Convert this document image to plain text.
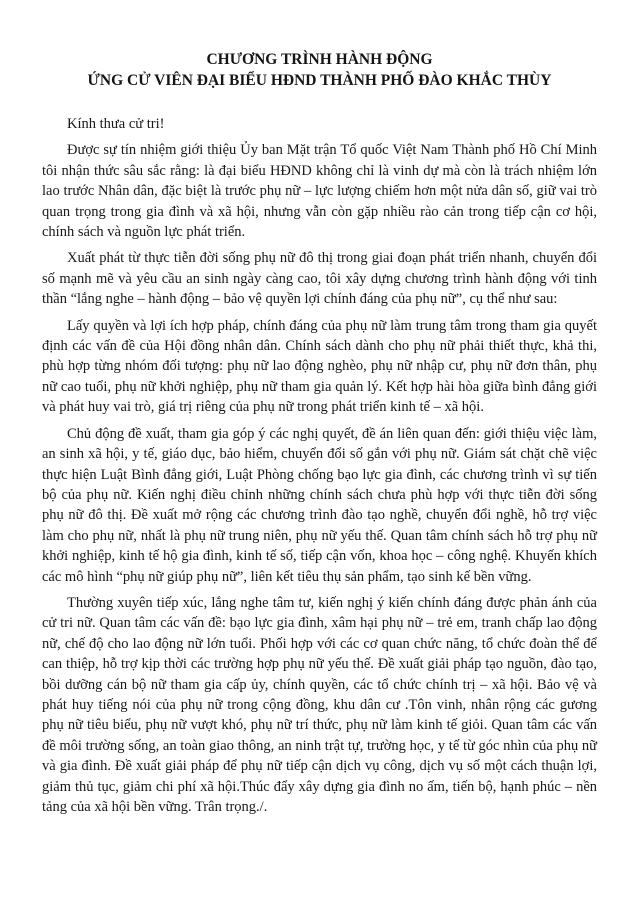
CHƯƠNG TRÌNH HÀNH ĐỘNG
ỨNG CỬ VIÊN ĐẠI BIỂU HĐND THÀNH PHỐ ĐÀO KHẮC THÙY

Kính thưa cử tri!

Được sự tín nhiệm giới thiệu Ủy ban Mặt trận Tổ quốc Việt Nam Thành phố Hồ Chí Minh tôi nhận thức sâu sắc rằng: là đại biểu HĐND không chỉ là vinh dự mà còn là trách nhiệm lớn lao trước Nhân dân, đặc biệt là trước phụ nữ – lực lượng chiếm hơn một nửa dân số, giữ vai trò quan trọng trong gia đình và xã hội, nhưng vẫn còn gặp nhiều rào cản trong tiếp cận cơ hội, chính sách và nguồn lực phát triển.

Xuất phát từ thực tiễn đời sống phụ nữ đô thị trong giai đoạn phát triển nhanh, chuyển đổi số mạnh mẽ và yêu cầu an sinh ngày càng cao, tôi xây dựng chương trình hành động với tinh thần “lắng nghe – hành động – bảo vệ quyền lợi chính đáng của phụ nữ”, cụ thể như sau:

Lấy quyền và lợi ích hợp pháp, chính đáng của phụ nữ làm trung tâm trong tham gia quyết định các vấn đề của Hội đồng nhân dân. Chính sách dành cho phụ nữ phải thiết thực, khả thi, phù hợp từng nhóm đối tượng: phụ nữ lao động nghèo, phụ nữ nhập cư, phụ nữ đơn thân, phụ nữ cao tuổi, phụ nữ khởi nghiệp, phụ nữ tham gia quản lý. Kết hợp hài hòa giữa bình đẳng giới và phát huy vai trò, giá trị riêng của phụ nữ trong phát triển kinh tế – xã hội.

Chủ động đề xuất, tham gia góp ý các nghị quyết, đề án liên quan đến: giới thiệu việc làm, an sinh xã hội, y tế, giáo dục, bảo hiểm, chuyển đổi số gắn với phụ nữ. Giám sát chặt chẽ việc thực hiện Luật Bình đẳng giới, Luật Phòng chống bạo lực gia đình, các chương trình vì sự tiến bộ của phụ nữ. Kiến nghị điều chỉnh những chính sách chưa phù hợp với thực tiễn đời sống phụ nữ đô thị. Đề xuất mở rộng các chương trình đào tạo nghề, chuyển đổi nghề, hỗ trợ việc làm cho phụ nữ, nhất là phụ nữ trung niên, phụ nữ yếu thế. Quan tâm chính sách hỗ trợ phụ nữ khởi nghiệp, kinh tế hộ gia đình, kinh tế số, tiếp cận vốn, khoa học – công nghệ. Khuyến khích các mô hình “phụ nữ giúp phụ nữ”, liên kết tiêu thụ sản phẩm, tạo sinh kế bền vững.

Thường xuyên tiếp xúc, lắng nghe tâm tư, kiến nghị ý kiến chính đáng được phản ánh của cử tri nữ. Quan tâm các vấn đề: bạo lực gia đình, xâm hại phụ nữ – trẻ em, tranh chấp lao động nữ, chế độ cho lao động nữ lớn tuổi. Phối hợp với các cơ quan chức năng, tổ chức đoàn thể để can thiệp, hỗ trợ kịp thời các trường hợp phụ nữ yếu thế. Đề xuất giải pháp tạo nguồn, đào tạo, bồi dưỡng cán bộ nữ tham gia cấp ủy, chính quyền, các tổ chức chính trị – xã hội. Bảo vệ và phát huy tiếng nói của phụ nữ trong cộng đồng, khu dân cư .Tôn vinh, nhân rộng các gương phụ nữ tiêu biểu, phụ nữ vượt khó, phụ nữ trí thức, phụ nữ làm kinh tế giỏi. Quan tâm các vấn đề môi trường sống, an toàn giao thông, an ninh trật tự, trường học, y tế từ góc nhìn của phụ nữ và gia đình. Đề xuất giải pháp để phụ nữ tiếp cận dịch vụ công, dịch vụ số một cách thuận lợi, giảm thủ tục, giảm chi phí xã hội.Thúc đẩy xây dựng gia đình no ấm, tiến bộ, hạnh phúc – nền tảng của xã hội bền vững. Trân trọng./.
